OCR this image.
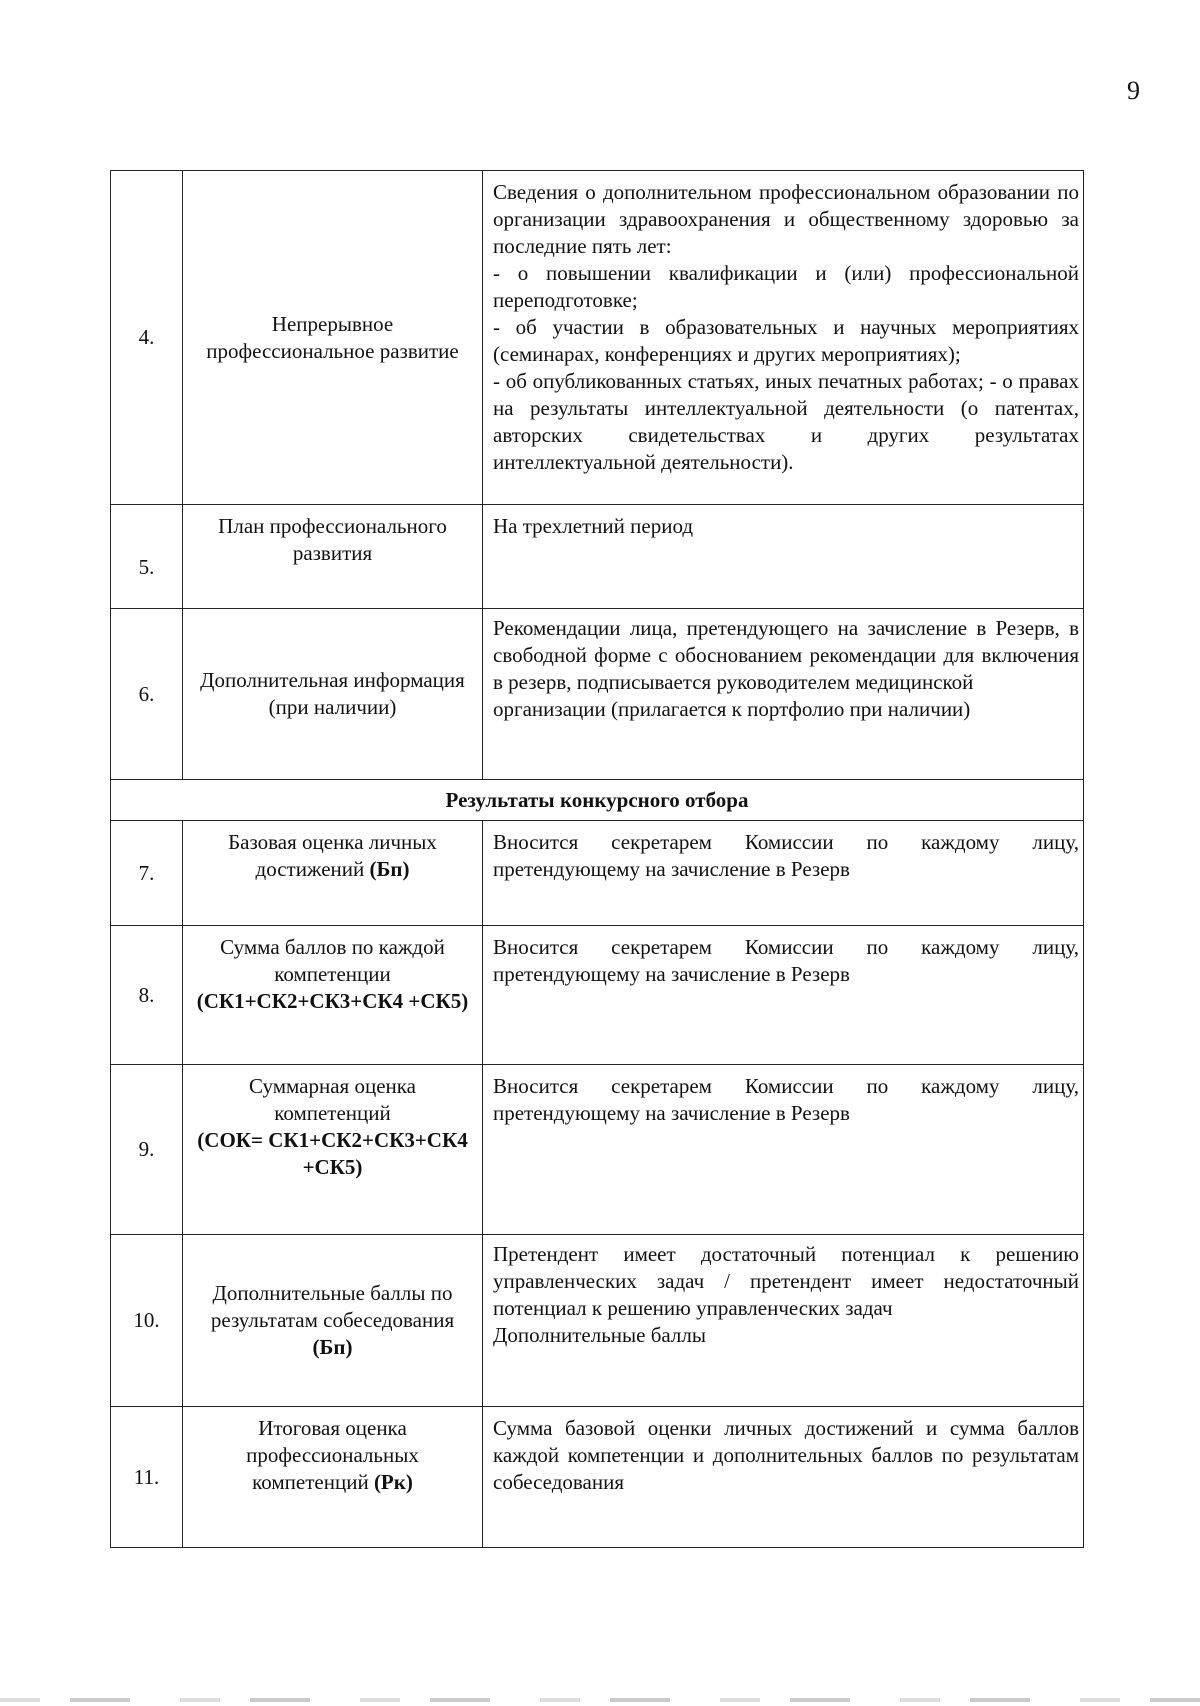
9
4.	Непрерывное профессиональное развитие	Сведения о дополнительном профессиональном образовании по организации здравоохранения и общественному здоровью за последние пять лет:
- о повышении квалификации и (или) профессиональной переподготовке;
- об участии в образовательных и научных мероприятиях (семинарах, конференциях и других мероприятиях);
- об опубликованных статьях, иных печатных работах; - о правах на результаты интеллектуальной деятельности (о патентах, авторских свидетельствах и других результатах интеллектуальной деятельности).

5.	План профессионального развития	На трехлетний период

6.	Дополнительная информация (при наличии)	Рекомендации лица, претендующего на зачисление в Резерв, в свободной форме с обоснованием рекомендации для включения в резерв, подписывается руководителем медицинской
организации (прилагается к портфолио при наличии)

Результаты конкурсного отбора		
7.	Базовая оценка личных достижений (Бп)	Вносится секретарем Комиссии по каждому лицу, претендующему на зачисление в Резерв

8.	Сумма баллов по каждой компетенции
(СК1+СК2+СК3+СК4 +СК5)	Вносится секретарем Комиссии по каждому лицу, претендующему на зачисление в Резерв

9.	Суммарная оценка компетенций
(СОК= СК1+СК2+СК3+СК4 +СК5)	Вносится секретарем Комиссии по каждому лицу, претендующему на зачисление в Резерв

10.	Дополнительные баллы по результатам собеседования
(Бп)	Претендент имеет достаточный потенциал к решению управленческих задач / претендент имеет недостаточный потенциал к решению управленческих задач
Дополнительные баллы

11.	Итоговая оценка профессиональных компетенций (Рк)	Сумма базовой оценки личных достижений и сумма баллов каждой компетенции и дополнительных баллов по результатам собеседования
